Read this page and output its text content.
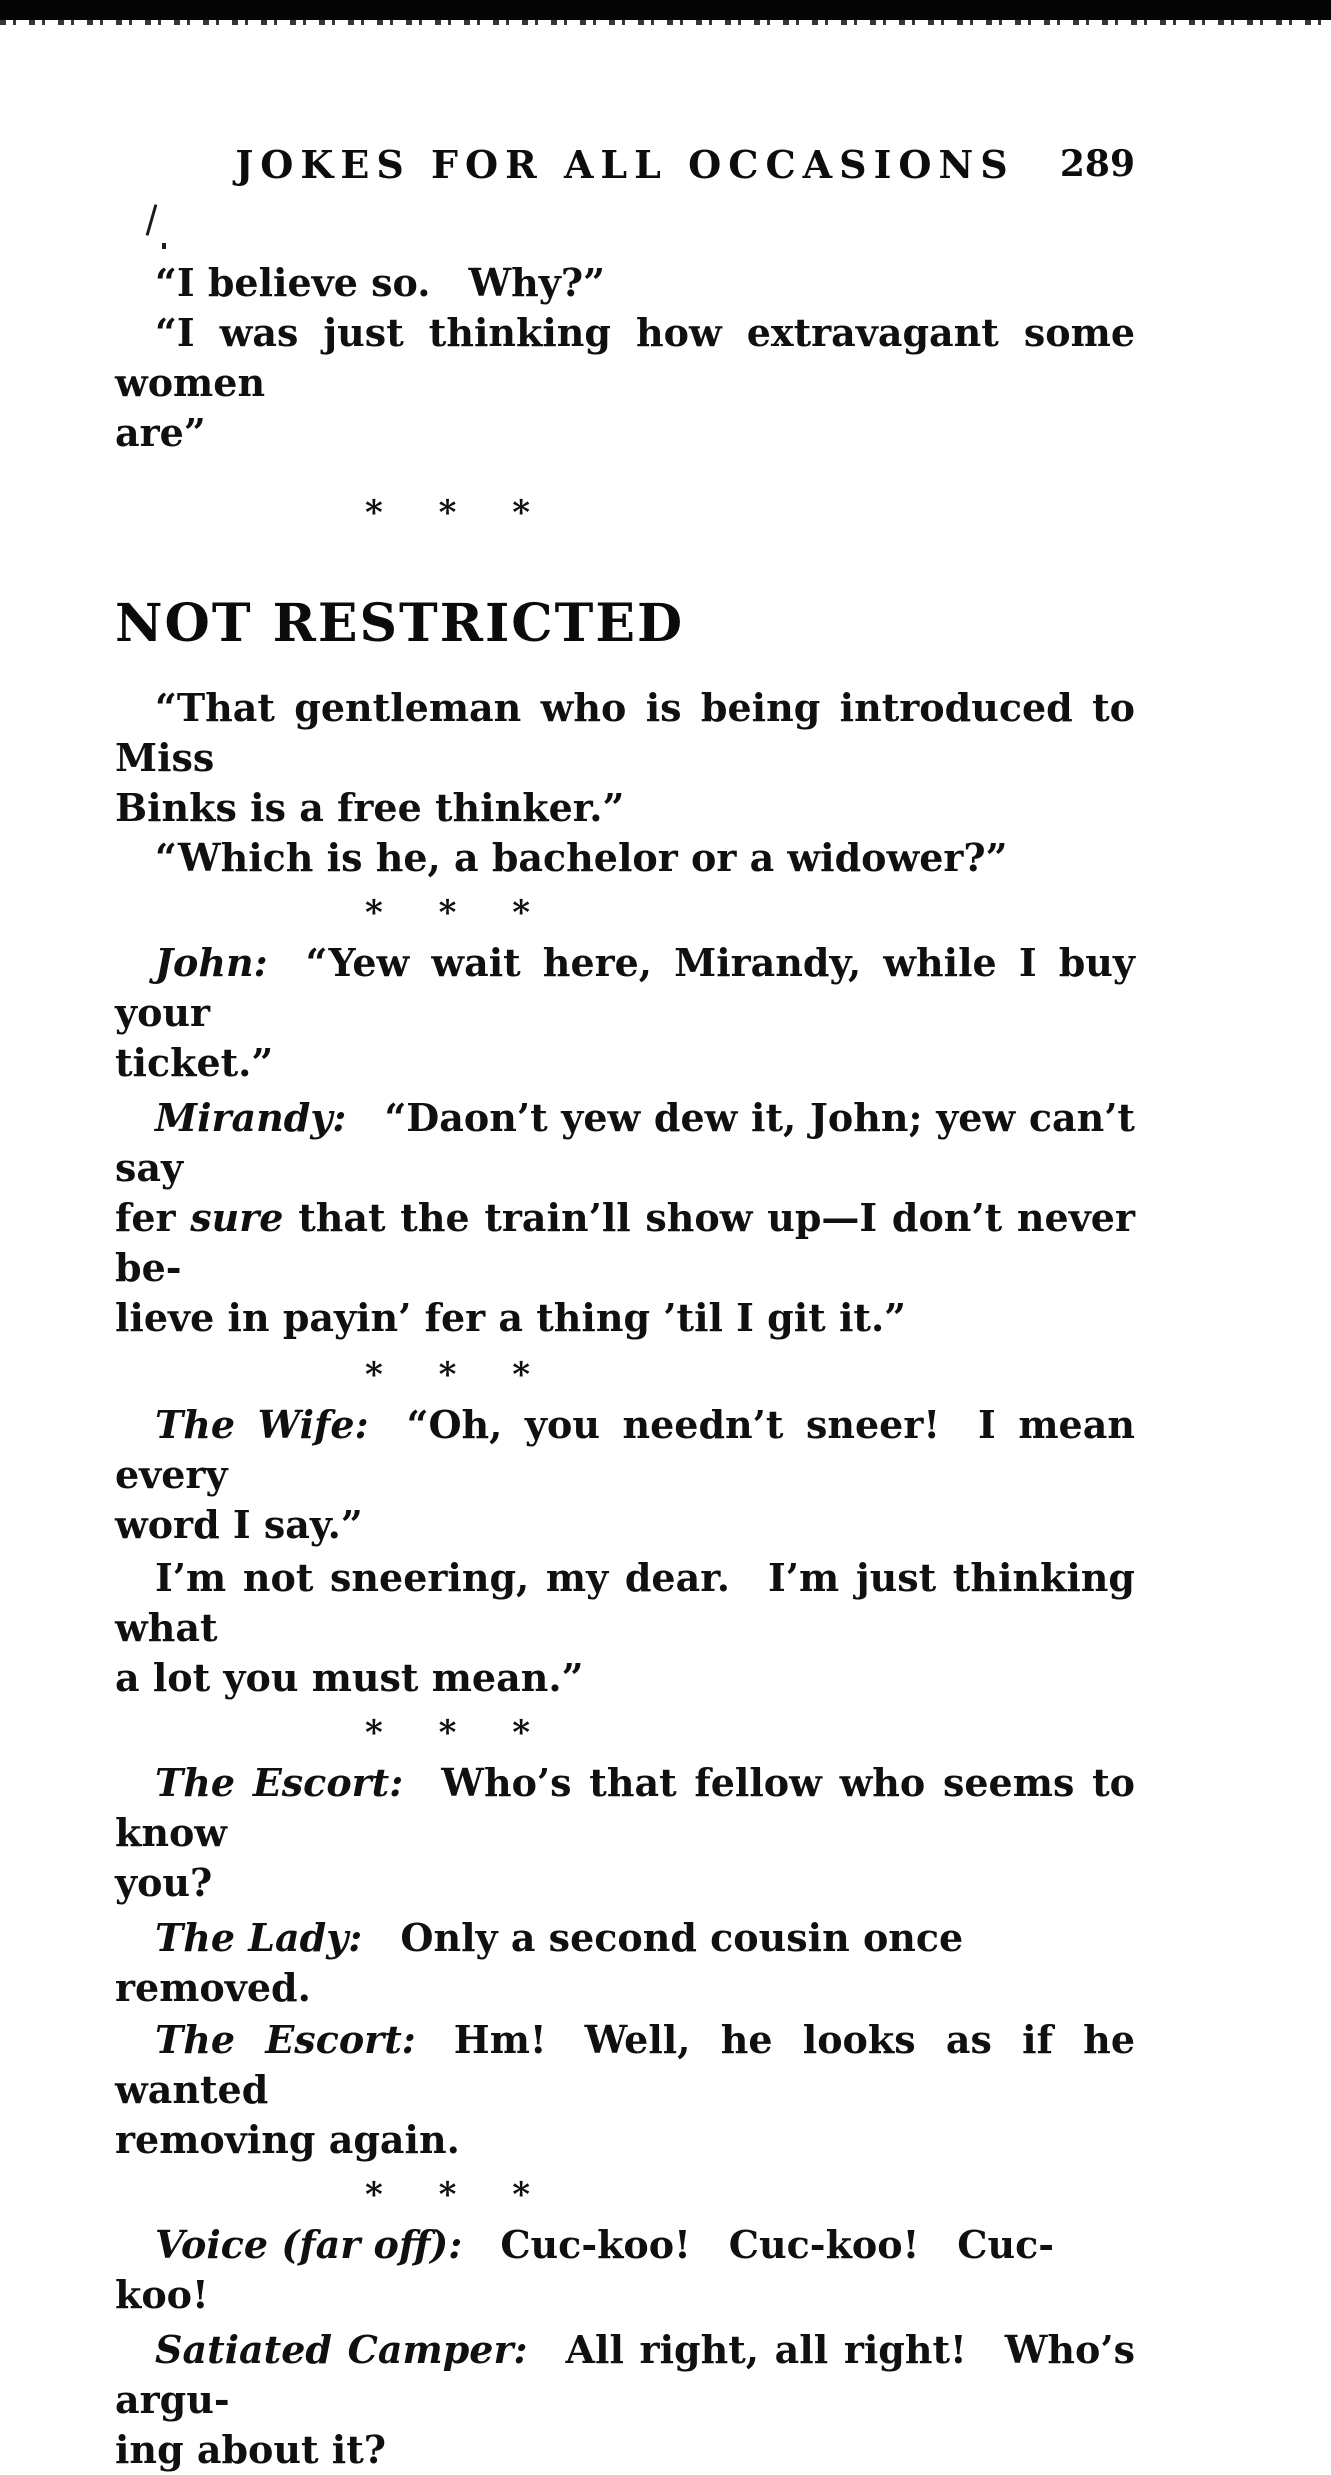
JOKES FOR ALL OCCASIONS	289
“I believe so. Why?”
“I was just thinking how extravagant some women
are”
* * *
NOT RESTRICTED
“That gentleman who is being introduced to Miss
Binks is a free thinker.”
“Which is he, a bachelor or a widower?”
* * *
John: “Yew wait here, Mirandy, while I buy your
ticket.”
Mirandy: “Daon’t yew dew it, John; yew can’t say
fer sure that the train’ll show up—I don’t never be-
lieve in payin’ fer a thing ’til I git it.”
* * *
The Wife: “Oh, you needn’t sneer! I mean every
word I say.”
I’m not sneering, my dear. I’m just thinking what
a lot you must mean.”
* * *
The Escort: Who’s that fellow who seems to know
you?
The Lady: Only a second cousin once removed.
The Escort: Hm! Well, he looks as if he wanted
removing again.
* * *
Voice (far off): Cuc-koo! Cuc-koo! Cuc-koo!
Satiated Camper: All right, all right! Who’s argu-
ing about it?
